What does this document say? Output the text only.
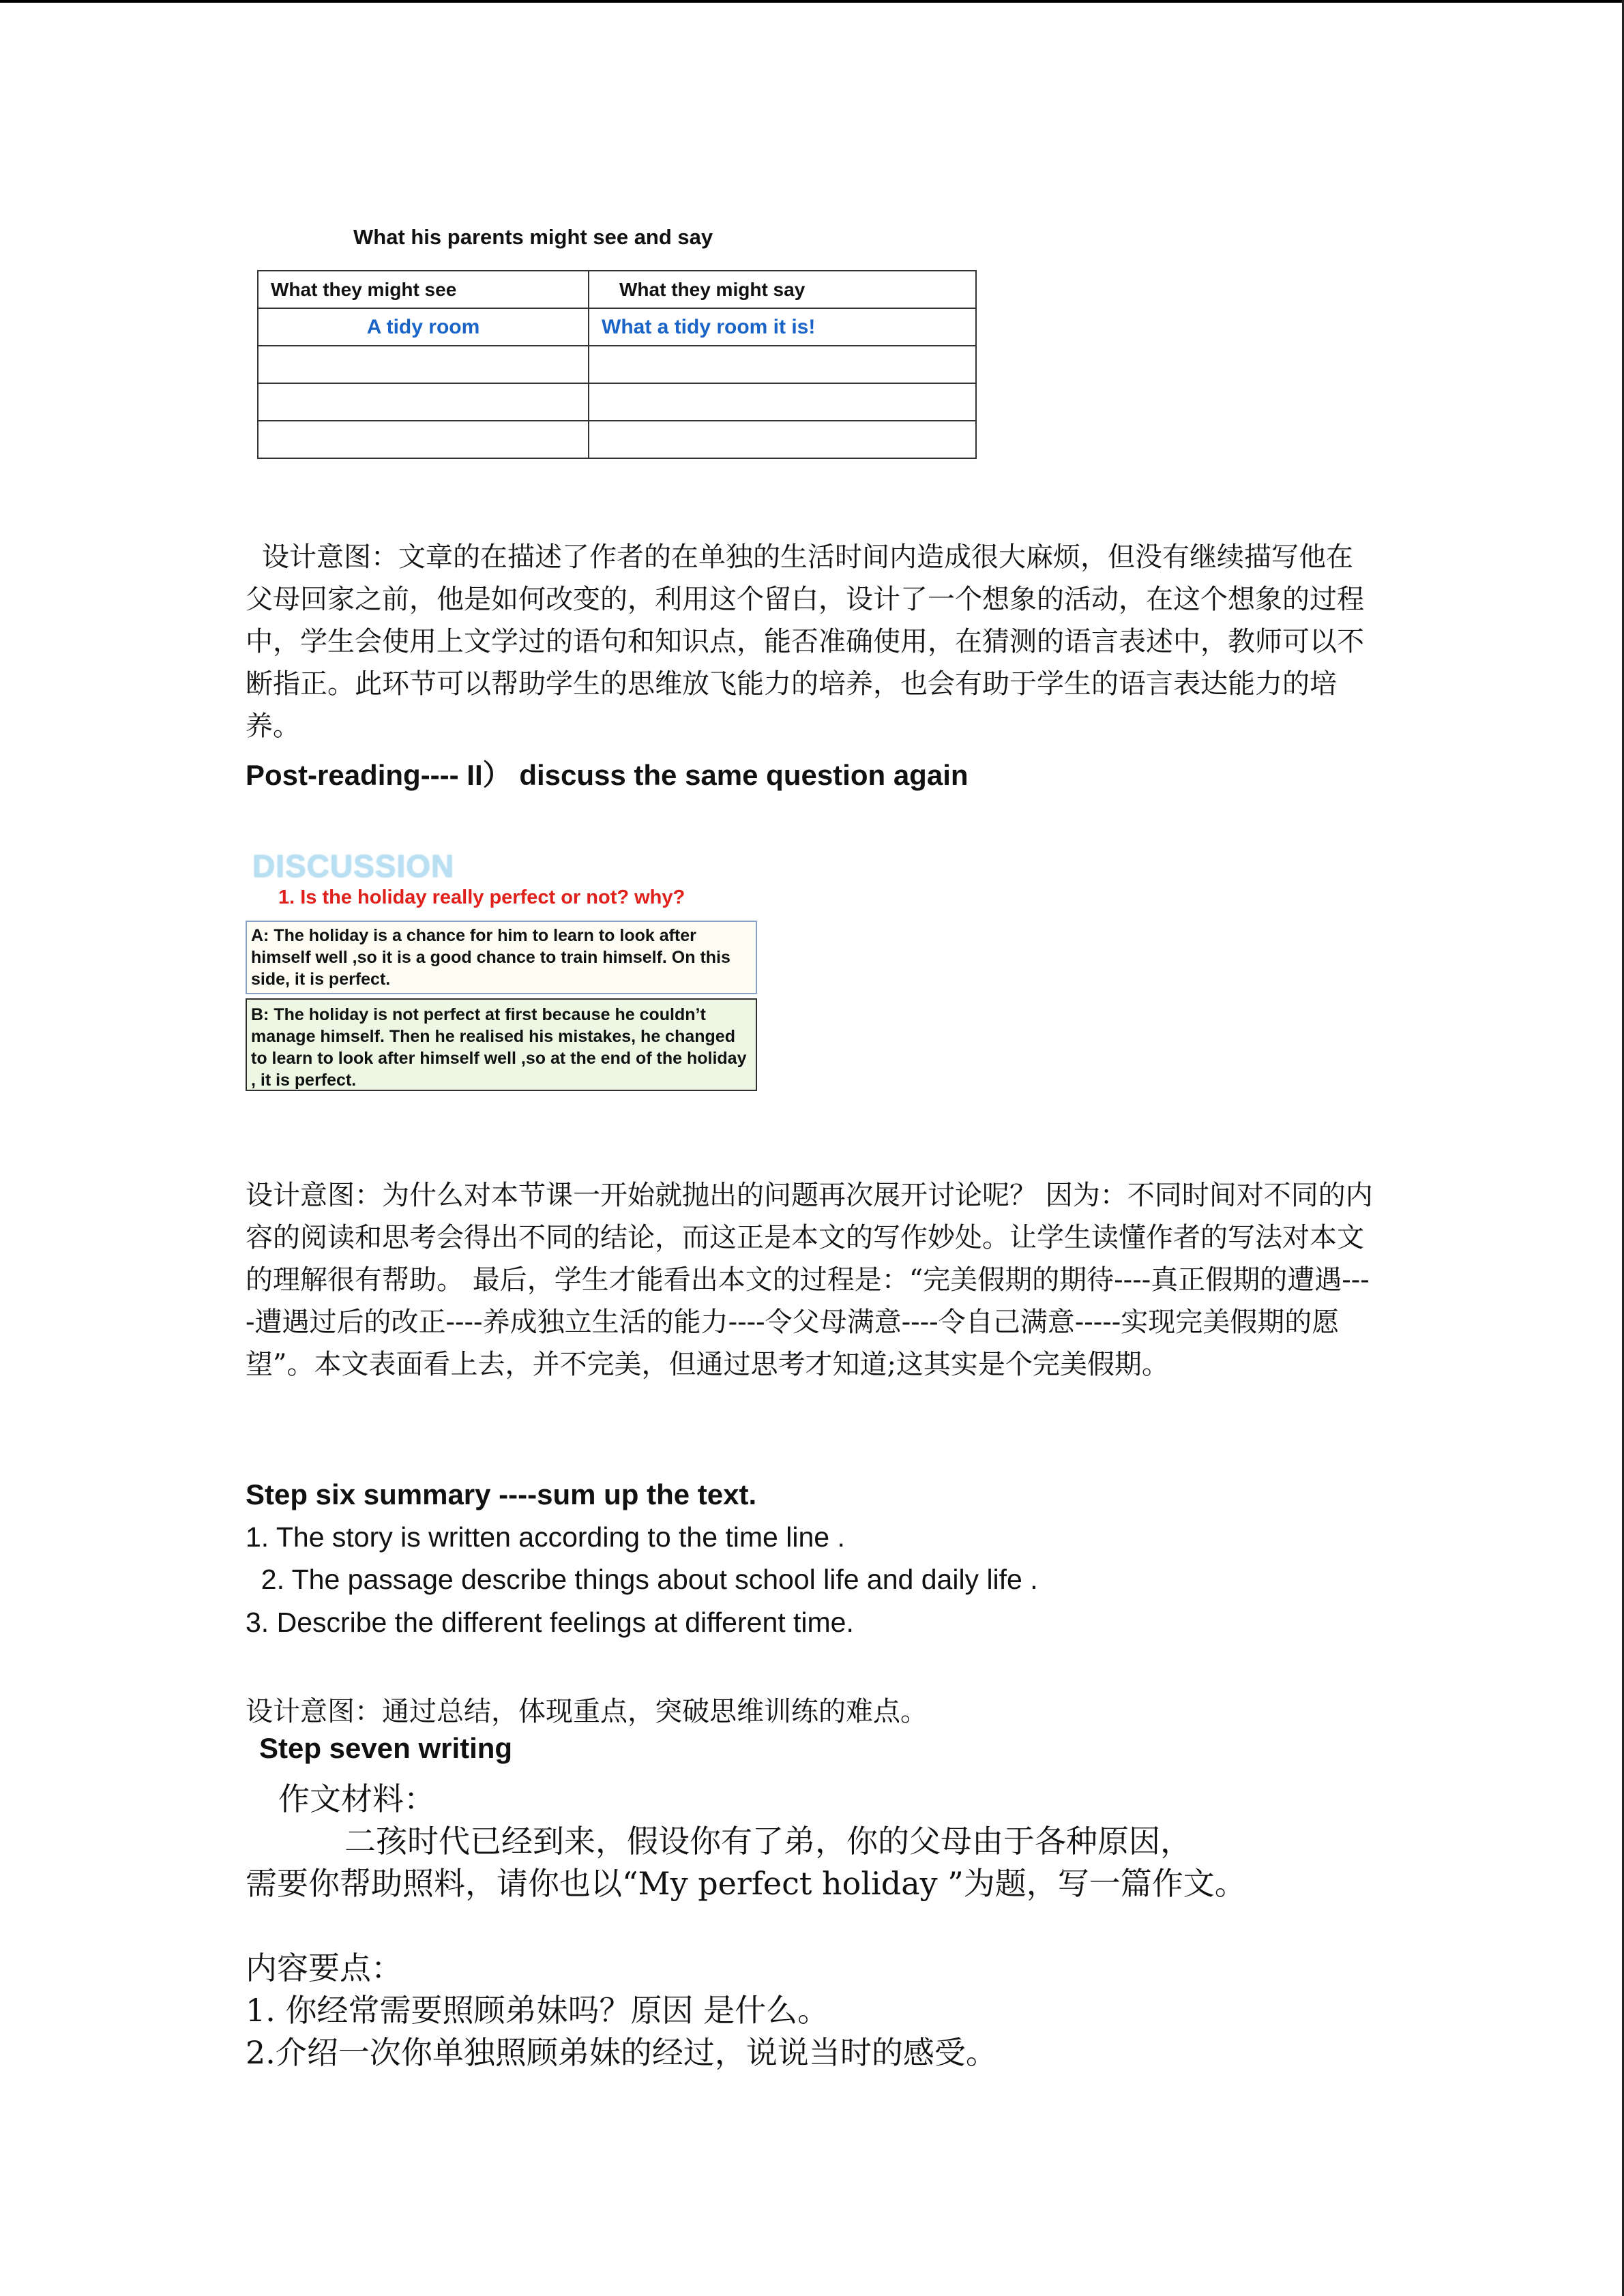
What his parents might see and say
What they might see	What they might say
A tidy room	What a tidy room it is!

设计意图：文章的在描述了作者的在单独的生活时间内造成很大麻烦，但没有继续描写他在父母回家之前，他是如何改变的，利用这个留白，设计了一个想象的活动，在这个想象的过程中，学生会使用上文学过的语句和知识点，能否准确使用，在猜测的语言表述中，教师可以不断指正。此环节可以帮助学生的思维放飞能力的培养，也会有助于学生的语言表达能力的培养。
Post-reading---- II） discuss the same question again
DISCUSSION
1. Is the holiday really perfect or not? why?
A: The holiday is a chance for him to learn to look after himself well ,so it is a good chance to train himself. On this side, it is perfect.
B: The holiday is not perfect at first because he couldn’t manage himself. Then he realised his mistakes, he changed to learn to look after himself well ,so at the end of the holiday , it is perfect.
设计意图：为什么对本节课一开始就抛出的问题再次展开讨论呢？ 因为：不同时间对不同的内容的阅读和思考会得出不同的结论，而这正是本文的写作妙处。让学生读懂作者的写法对本文的理解很有帮助。 最后，学生才能看出本文的过程是：“完美假期的期待----真正假期的遭遇----遭遇过后的改正----养成独立生活的能力----令父母满意----令自己满意-----实现完美假期的愿望”。本文表面看上去，并不完美，但通过思考才知道;这其实是个完美假期。
Step six summary ----sum up the text.
1. The story is written according to the time line .
2. The passage describe things about school life and daily life .
3. Describe the different feelings at different time.
设计意图：通过总结，体现重点，突破思维训练的难点。
Step seven writing
作文材料：
二孩时代已经到来，假设你有了弟，你的父母由于各种原因，
需要你帮助照料，请你也以“My perfect holiday ”为题，写一篇作文。
内容要点：
1. 你经常需要照顾弟妹吗？原因 是什么。
2.介绍一次你单独照顾弟妹的经过，说说当时的感受。
